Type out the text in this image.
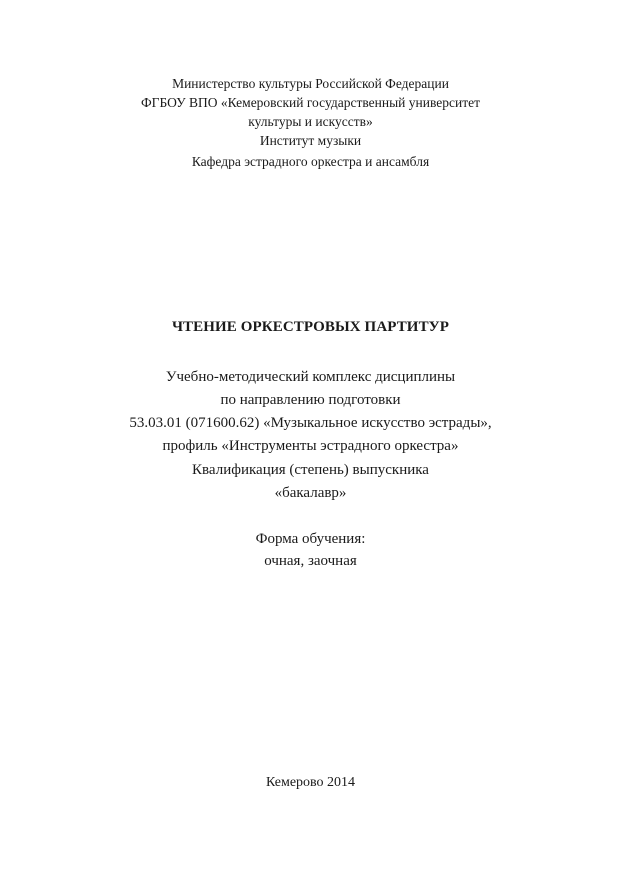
Министерство культуры Российской Федерации
ФГБОУ ВПО «Кемеровский государственный университет
культуры и искусств»
Институт музыки
Кафедра эстрадного оркестра и ансамбля
ЧТЕНИЕ ОРКЕСТРОВЫХ ПАРТИТУР
Учебно-методический комплекс дисциплины
по направлению подготовки
53.03.01 (071600.62) «Музыкальное искусство эстрады»,
профиль «Инструменты эстрадного оркестра»
Квалификация (степень) выпускника
«бакалавр»
Форма обучения:
очная, заочная
Кемерово 2014
